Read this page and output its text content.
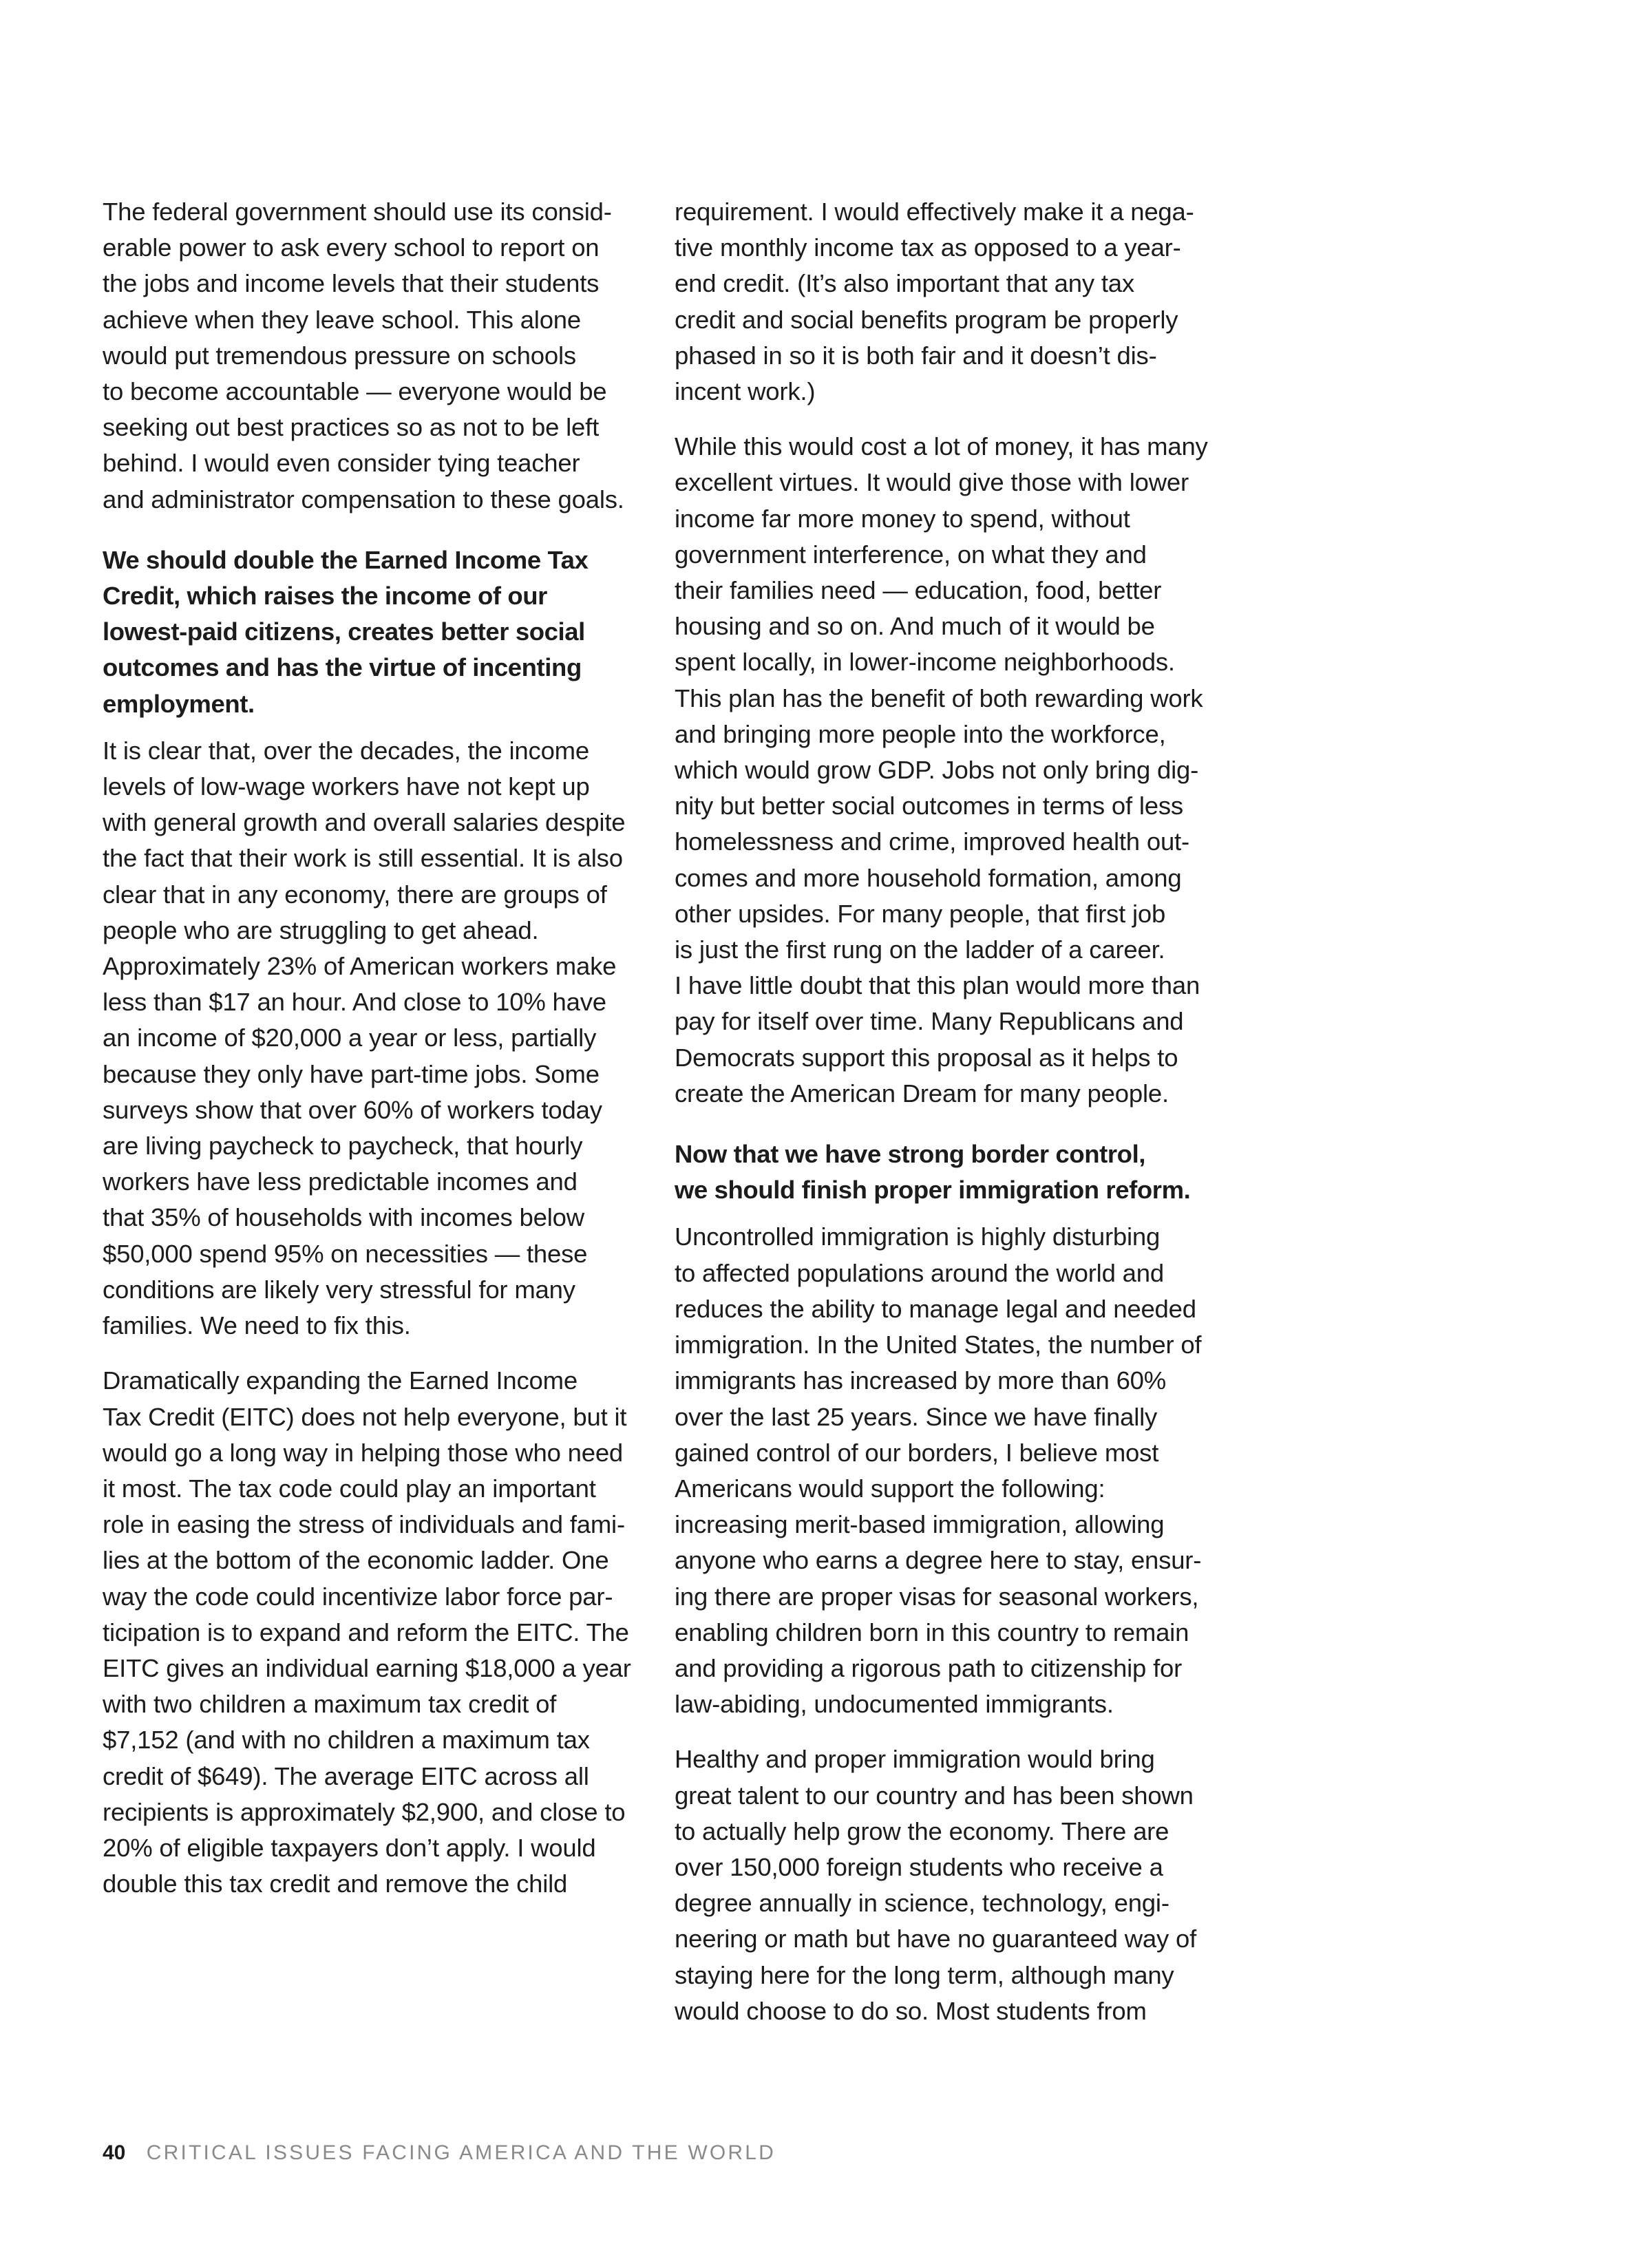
The federal government should use its consid-
erable power to ask every school to report on
the jobs and income levels that their students
achieve when they leave school. This alone
would put tremendous pressure on schools
to become accountable — everyone would be
seeking out best practices so as not to be left
behind. I would even consider tying teacher
and administrator compensation to these goals.
We should double the Earned Income Tax
Credit, which raises the income of our
lowest-paid citizens, creates better social
outcomes and has the virtue of incenting
employment.
It is clear that, over the decades, the income
levels of low-wage workers have not kept up
with general growth and overall salaries despite
the fact that their work is still essential. It is also
clear that in any economy, there are groups of
people who are struggling to get ahead.
Approximately 23% of American workers make
less than $17 an hour. And close to 10% have
an income of $20,000 a year or less, partially
because they only have part-time jobs. Some
surveys show that over 60% of workers today
are living paycheck to paycheck, that hourly
workers have less predictable incomes and
that 35% of households with incomes below
$50,000 spend 95% on necessities — these
conditions are likely very stressful for many
families. We need to fix this.
Dramatically expanding the Earned Income
Tax Credit (EITC) does not help everyone, but it
would go a long way in helping those who need
it most. The tax code could play an important
role in easing the stress of individuals and fami-
lies at the bottom of the economic ladder. One
way the code could incentivize labor force par-
ticipation is to expand and reform the EITC. The
EITC gives an individual earning $18,000 a year
with two children a maximum tax credit of
$7,152 (and with no children a maximum tax
credit of $649). The average EITC across all
recipients is approximately $2,900, and close to
20% of eligible taxpayers don’t apply. I would
double this tax credit and remove the child
requirement. I would effectively make it a nega-
tive monthly income tax as opposed to a year-
end credit. (It’s also important that any tax
credit and social benefits program be properly
phased in so it is both fair and it doesn’t dis-
incent work.)
While this would cost a lot of money, it has many
excellent virtues. It would give those with lower
income far more money to spend, without
government interference, on what they and
their families need — education, food, better
housing and so on. And much of it would be
spent locally, in lower-income neighborhoods.
This plan has the benefit of both rewarding work
and bringing more people into the workforce,
which would grow GDP. Jobs not only bring dig-
nity but better social outcomes in terms of less
homelessness and crime, improved health out-
comes and more household formation, among
other upsides. For many people, that first job
is just the first rung on the ladder of a career.
I have little doubt that this plan would more than
pay for itself over time. Many Republicans and
Democrats support this proposal as it helps to
create the American Dream for many people.
Now that we have strong border control,
we should finish proper immigration reform.
Uncontrolled immigration is highly disturbing
to affected populations around the world and
reduces the ability to manage legal and needed
immigration. In the United States, the number of
immigrants has increased by more than 60%
over the last 25 years. Since we have finally
gained control of our borders, I believe most
Americans would support the following:
increasing merit-based immigration, allowing
anyone who earns a degree here to stay, ensur-
ing there are proper visas for seasonal workers,
enabling children born in this country to remain
and providing a rigorous path to citizenship for
law-abiding, undocumented immigrants.
Healthy and proper immigration would bring
great talent to our country and has been shown
to actually help grow the economy. There are
over 150,000 foreign students who receive a
degree annually in science, technology, engi-
neering or math but have no guaranteed way of
staying here for the long term, although many
would choose to do so. Most students from
40 CRITICAL ISSUES FACING AMERICA AND THE WORLD
